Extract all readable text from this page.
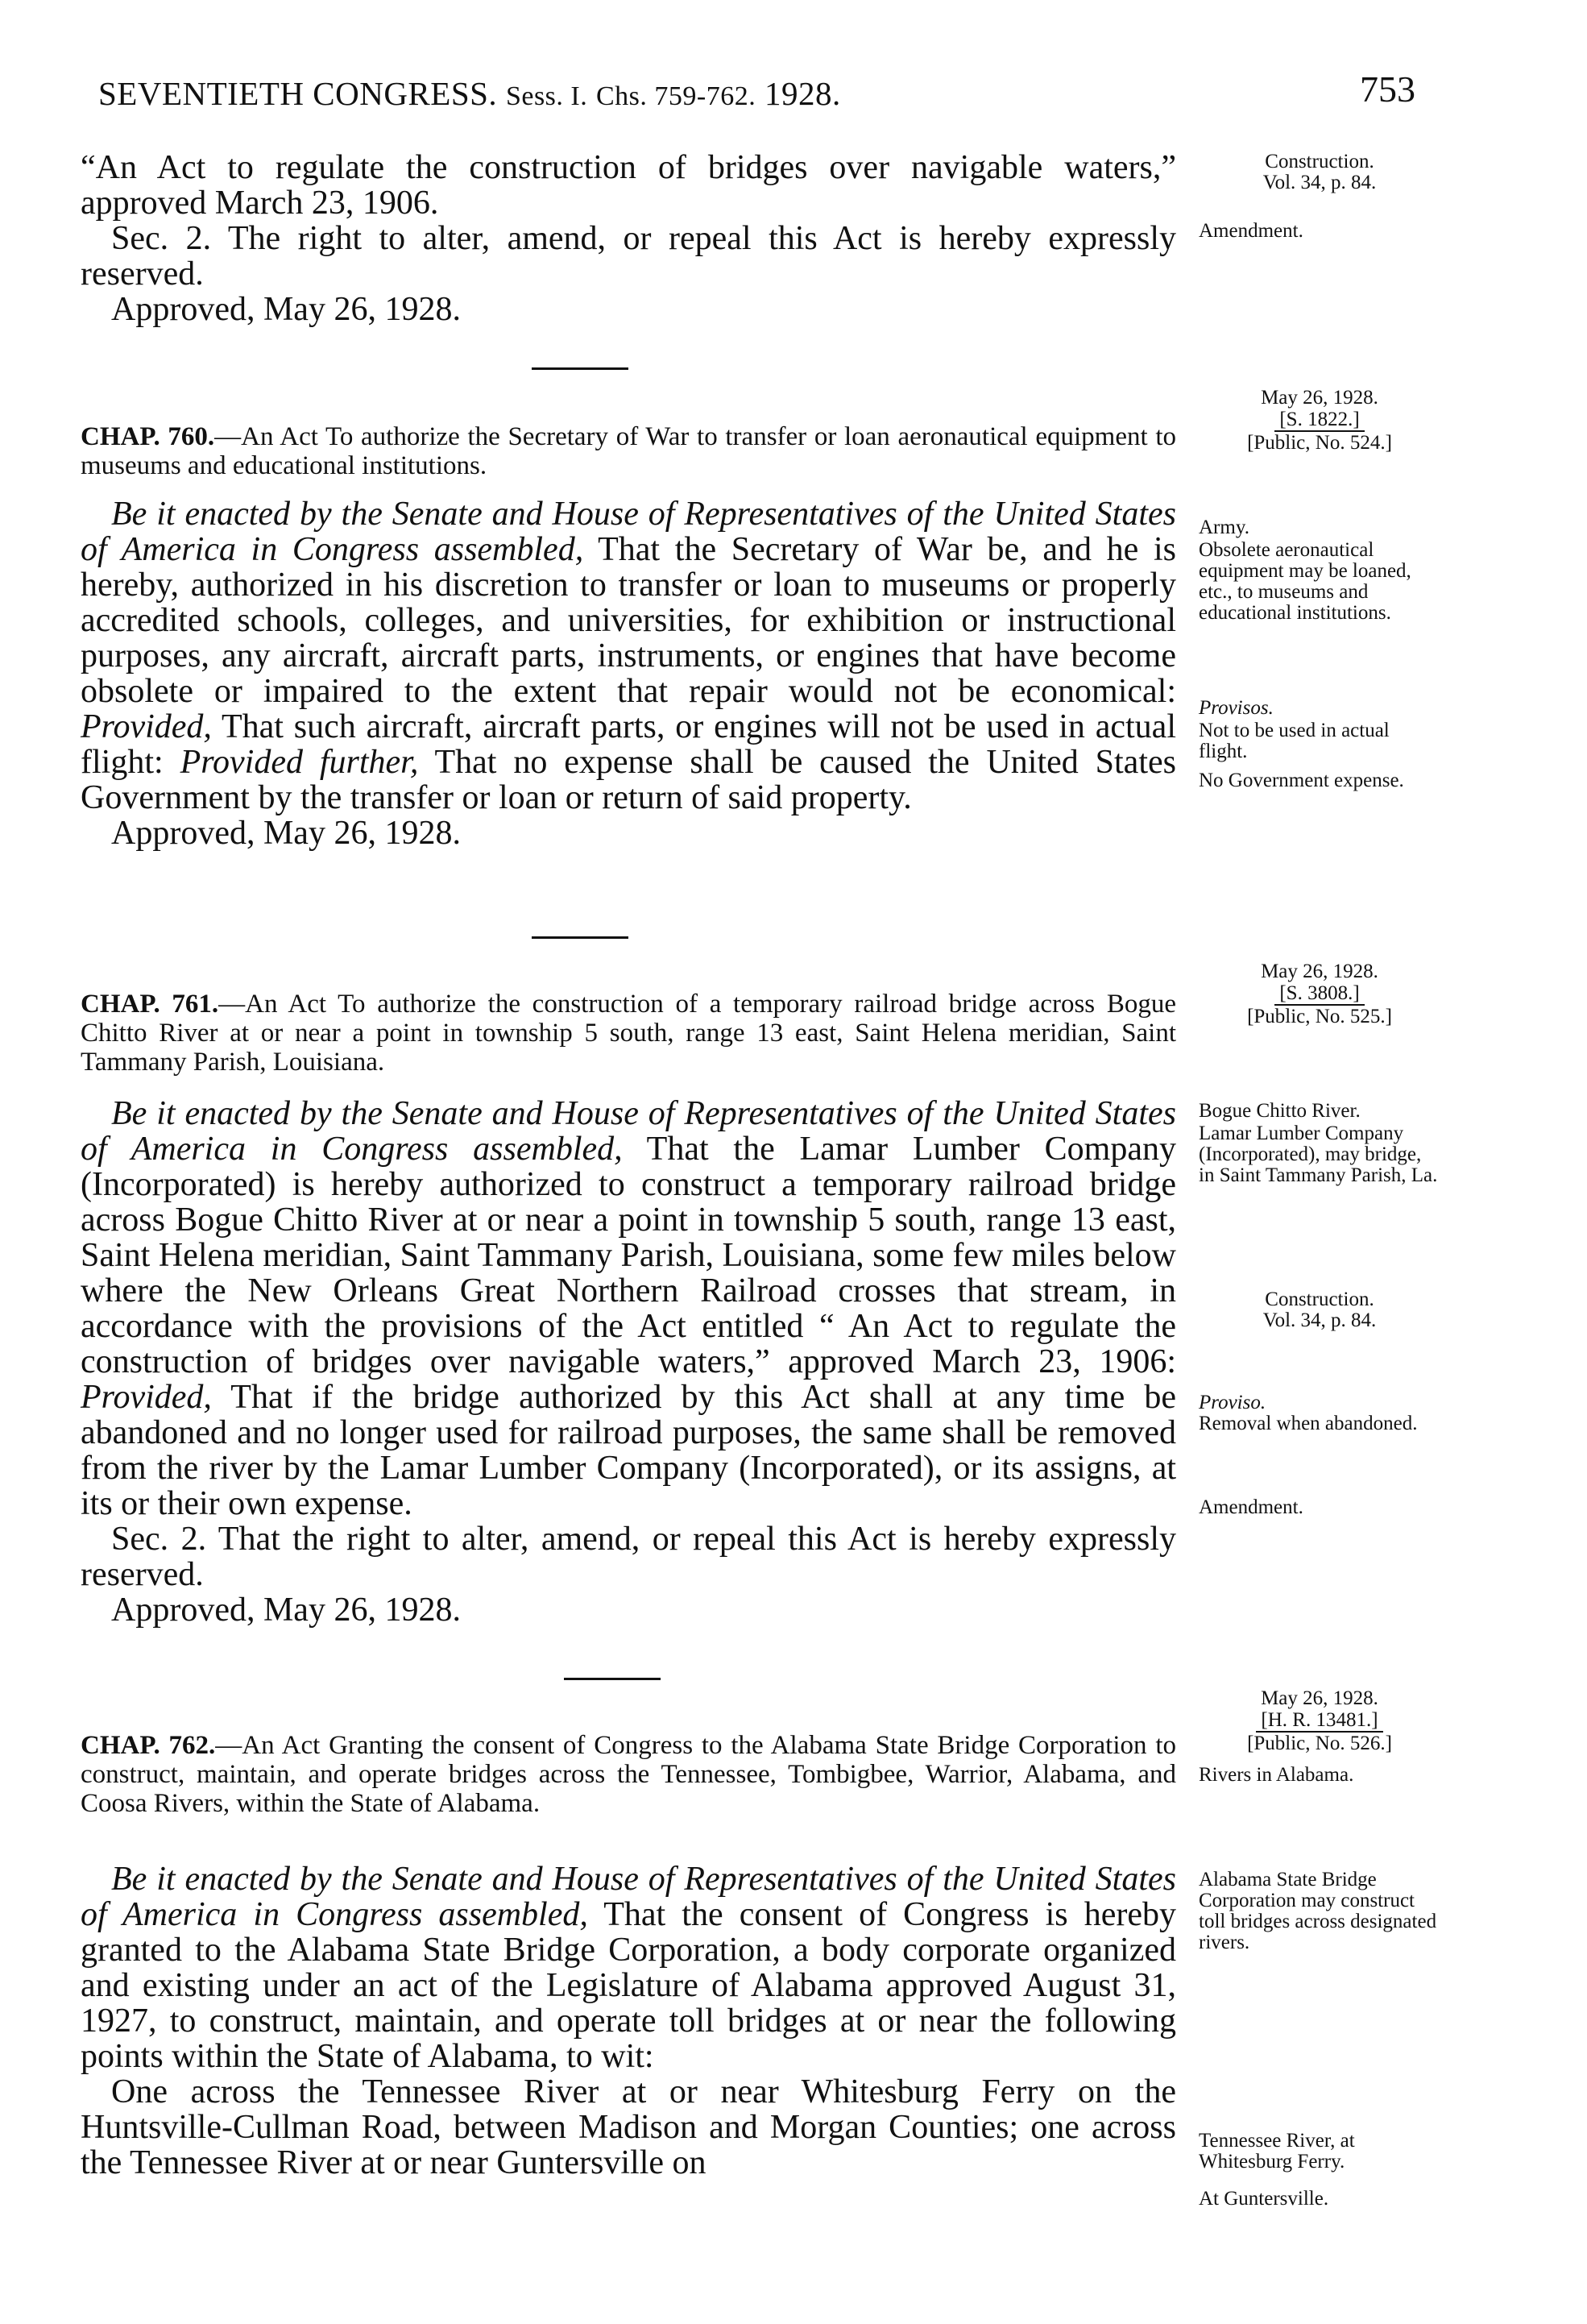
SEVENTIETH CONGRESS. Sess. I. Chs. 759-762. 1928.	753

“An Act to regulate the construction of bridges over navigable waters,” approved March 23, 1906.

Sec. 2. The right to alter, amend, or repeal this Act is hereby expressly reserved.

Approved, May 26, 1928.

Construction.
Vol. 34, p. 84.
Amendment.
May 26, 1928.
[S. 1822.]
[Public, No. 524.]

CHAP. 760.—An Act To authorize the Secretary of War to transfer or loan aeronautical equipment to museums and educational institutions.

Be it enacted by the Senate and House of Representatives of the United States of America in Congress assembled, That the Secretary of War be, and he is hereby, authorized in his discretion to transfer or loan to museums or properly accredited schools, colleges, and universities, for exhibition or instructional purposes, any aircraft, aircraft parts, instruments, or engines that have become obsolete or impaired to the extent that repair would not be economical: Provided, That such aircraft, aircraft parts, or engines will not be used in actual flight: Provided further, That no expense shall be caused the United States Government by the transfer or loan or return of said property.

Approved, May 26, 1928.

Army.
Obsolete aeronautical equipment may be loaned, etc., to museums and educational institutions.
Provisos.
Not to be used in actual flight.
No Government expense.
May 26, 1928.
[S. 3808.]
[Public, No. 525.]

CHAP. 761.—An Act To authorize the construction of a temporary railroad bridge across Bogue Chitto River at or near a point in township 5 south, range 13 east, Saint Helena meridian, Saint Tammany Parish, Louisiana.

Be it enacted by the Senate and House of Representatives of the United States of America in Congress assembled, That the Lamar Lumber Company (Incorporated) is hereby authorized to construct a temporary railroad bridge across Bogue Chitto River at or near a point in township 5 south, range 13 east, Saint Helena meridian, Saint Tammany Parish, Louisiana, some few miles below where the New Orleans Great Northern Railroad crosses that stream, in accordance with the provisions of the Act entitled “ An Act to regulate the construction of bridges over navigable waters,” approved March 23, 1906: Provided, That if the bridge authorized by this Act shall at any time be abandoned and no longer used for railroad purposes, the same shall be removed from the river by the Lamar Lumber Company (Incorporated), or its assigns, at its or their own expense.

Sec. 2. That the right to alter, amend, or repeal this Act is hereby expressly reserved.

Approved, May 26, 1928.

Bogue Chitto River.
Lamar Lumber Company (Incorporated), may bridge, in Saint Tammany Parish, La.
Construction.
Vol. 34, p. 84.
Proviso.
Removal when abandoned.
Amendment.
May 26, 1928.
[H. R. 13481.]
[Public, No. 526.]

CHAP. 762.—An Act Granting the consent of Congress to the Alabama State Bridge Corporation to construct, maintain, and operate bridges across the Tennessee, Tombigbee, Warrior, Alabama, and Coosa Rivers, within the State of Alabama.

Be it enacted by the Senate and House of Representatives of the United States of America in Congress assembled, That the consent of Congress is hereby granted to the Alabama State Bridge Corporation, a body corporate organized and existing under an act of the Legislature of Alabama approved August 31, 1927, to construct, maintain, and operate toll bridges at or near the following points within the State of Alabama, to wit:

One across the Tennessee River at or near Whitesburg Ferry on the Huntsville-Cullman Road, between Madison and Morgan Counties; one across the Tennessee River at or near Guntersville on

Rivers in Alabama.
Alabama State Bridge Corporation may construct toll bridges across designated rivers.
Tennessee River, at Whitesburg Ferry.
At Guntersville.
